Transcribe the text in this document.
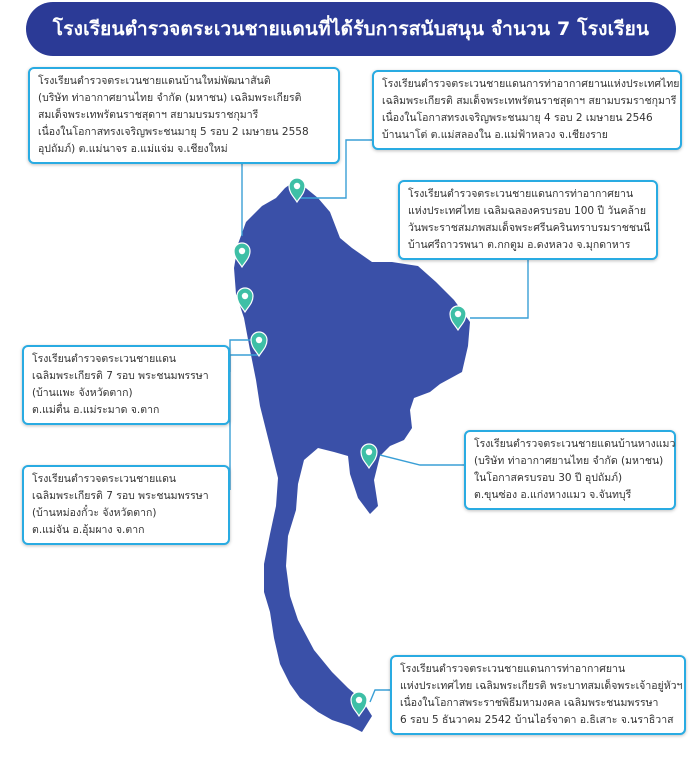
โรงเรียนตำรวจตระเวนชายแดนที่ได้รับการสนับสนุน จำนวน 7 โรงเรียน
โรงเรียนตำรวจตระเวนชายแดนบ้านใหม่พัฒนาสันติ
(บริษัท ท่าอากาศยานไทย จำกัด (มหาชน) เฉลิมพระเกียรติ
สมเด็จพระเทพรัตนราชสุดาฯ สยามบรมราชกุมารี
เนื่องในโอกาสทรงเจริญพระชนมายุ 5 รอบ 2 เมษายน 2558
อุปถัมภ์) ต.แม่นาจร อ.แม่แจ่ม จ.เชียงใหม่
โรงเรียนตำรวจตระเวนชายแดนการท่าอากาศยานแห่งประเทศไทย
เฉลิมพระเกียรติ สมเด็จพระเทพรัตนราชสุดาฯ สยามบรมราชกุมารี
เนื่องในโอกาสทรงเจริญพระชนมายุ 4 รอบ 2 เมษายน 2546
บ้านนาโต่ ต.แม่สลองใน อ.แม่ฟ้าหลวง จ.เชียงราย
โรงเรียนตำรวจตระเวนชายแดนการท่าอากาศยาน
แห่งประเทศไทย เฉลิมฉลองครบรอบ 100 ปี วันคล้าย
วันพระราชสมภพสมเด็จพระศรีนครินทราบรมราชชนนี
บ้านศรีถาวรพนา ต.กกตูม อ.ดงหลวง จ.มุกดาหาร
โรงเรียนตำรวจตระเวนชายแดน
เฉลิมพระเกียรติ 7 รอบ พระชนมพรรษา
(บ้านแพะ จังหวัดตาก)
ต.แม่ตื่น อ.แม่ระมาด จ.ตาก
โรงเรียนตำรวจตระเวนชายแดนบ้านหางแมว
(บริษัท ท่าอากาศยานไทย จำกัด (มหาชน)
ในโอกาสครบรอบ 30 ปี อุปถัมภ์)
ต.ขุนซ่อง อ.แก่งหางแมว จ.จันทบุรี
โรงเรียนตำรวจตระเวนชายแดน
เฉลิมพระเกียรติ 7 รอบ พระชนมพรรษา
(บ้านหม่องกั๋วะ จังหวัดตาก)
ต.แม่จัน อ.อุ้มผาง จ.ตาก
โรงเรียนตำรวจตระเวนชายแดนการท่าอากาศยาน
แห่งประเทศไทย เฉลิมพระเกียรติ พระบาทสมเด็จพระเจ้าอยู่หัวฯ
เนื่องในโอกาสพระราชพิธีมหามงคล เฉลิมพระชนมพรรษา
6 รอบ 5 ธันวาคม 2542 บ้านไอร์จาดา อ.ธิเสาะ จ.นราธิวาส
